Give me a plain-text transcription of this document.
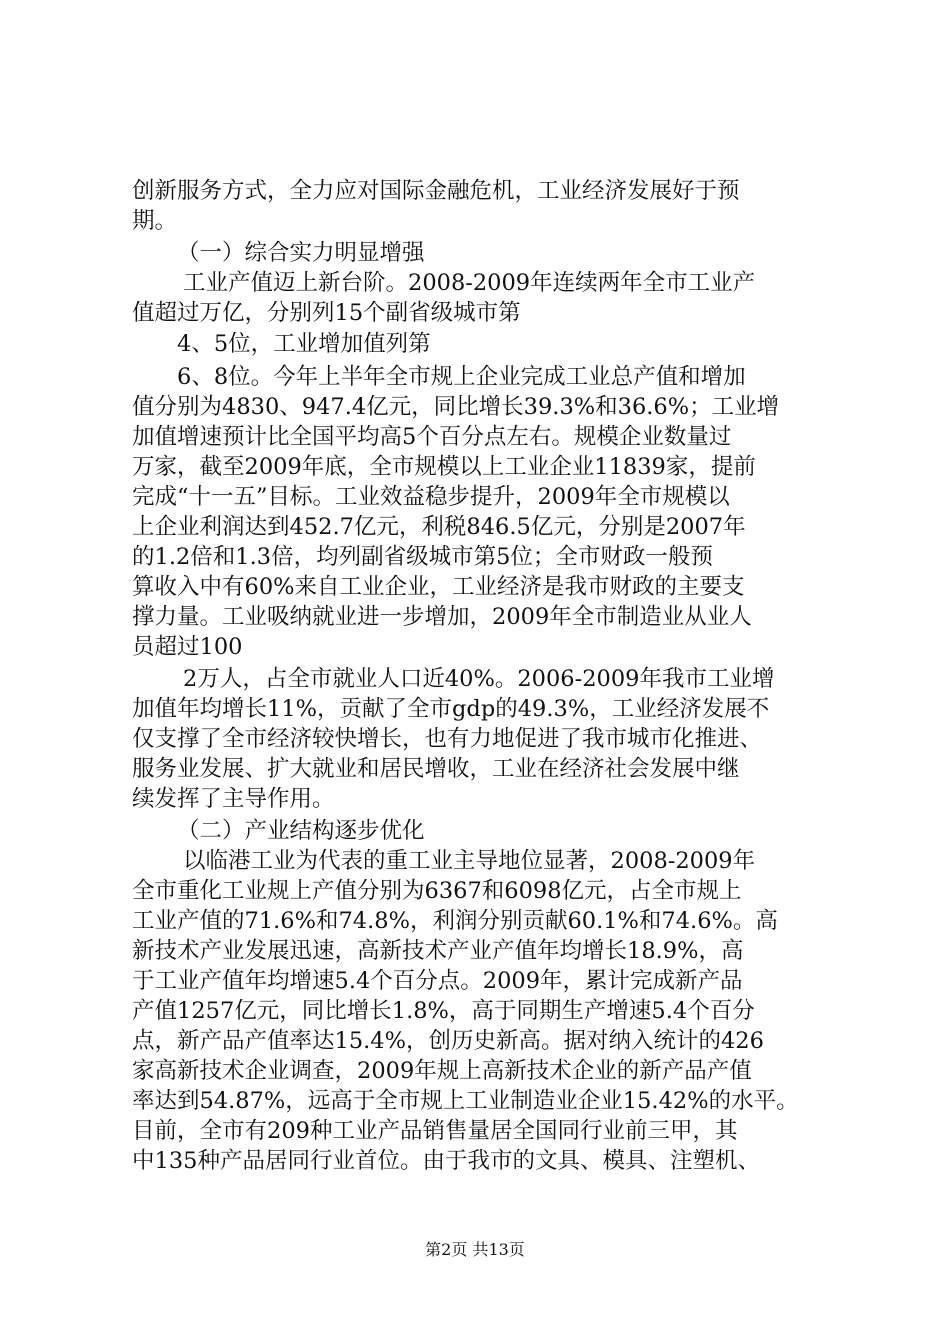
创新服务方式，全力应对国际金融危机，工业经济发展好于预
期。
（一）综合实力明显增强
工业产值迈上新台阶。2008-2009年连续两年全市工业产
值超过万亿，分别列15个副省级城市第
4、5位，工业增加值列第
6、8位。今年上半年全市规上企业完成工业总产值和增加
值分别为4830、947.4亿元，同比增长39.3%和36.6%；工业增
加值增速预计比全国平均高5个百分点左右。规模企业数量过
万家，截至2009年底，全市规模以上工业企业11839家，提前
完成“十一五”目标。工业效益稳步提升，2009年全市规模以
上企业利润达到452.7亿元，利税846.5亿元，分别是2007年
的1.2倍和1.3倍，均列副省级城市第5位；全市财政一般预
算收入中有60%来自工业企业，工业经济是我市财政的主要支
撑力量。工业吸纳就业进一步增加，2009年全市制造业从业人
员超过100
2万人，占全市就业人口近40%。2006-2009年我市工业增
加值年均增长11%，贡献了全市gdp的49.3%，工业经济发展不
仅支撑了全市经济较快增长，也有力地促进了我市城市化推进、
服务业发展、扩大就业和居民增收，工业在经济社会发展中继
续发挥了主导作用。
（二）产业结构逐步优化
以临港工业为代表的重工业主导地位显著，2008-2009年
全市重化工业规上产值分别为6367和6098亿元，占全市规上
工业产值的71.6%和74.8%，利润分别贡献60.1%和74.6%。高
新技术产业发展迅速，高新技术产业产值年均增长18.9%，高
于工业产值年均增速5.4个百分点。2009年，累计完成新产品
产值1257亿元，同比增长1.8%，高于同期生产增速5.4个百分
点，新产品产值率达15.4%，创历史新高。据对纳入统计的426
家高新技术企业调查，2009年规上高新技术企业的新产品产值
率达到54.87%，远高于全市规上工业制造业企业15.42%的水平。
目前，全市有209种工业产品销售量居全国同行业前三甲，其
中135种产品居同行业首位。由于我市的文具、模具、注塑机、
第2页 共13页
